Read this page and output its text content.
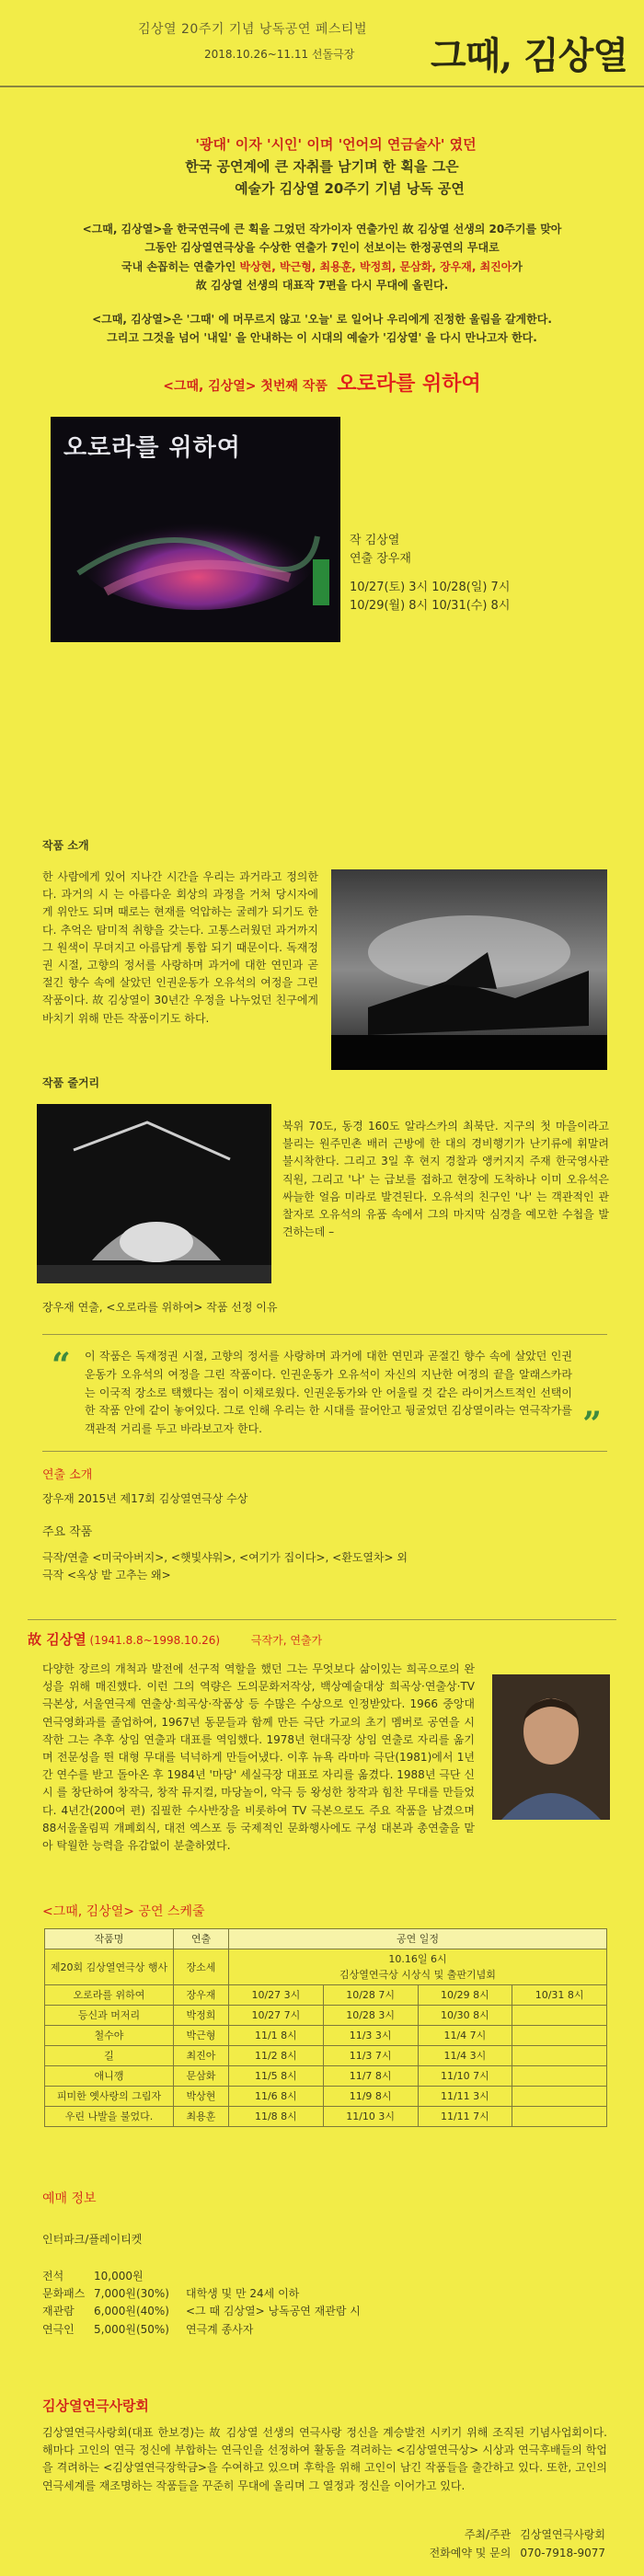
김상열 20주기 기념 낭독공연 페스티벌
2018.10.26~11.11 선돌극장 그때, 김상열
'광대' 이자 '시인' 이며 '언어의 연금술사' 였던
한국 공연계에 큰 자취를 남기며 한 획을 그은
예술가 김상열 20주기 기념 낭독 공연
<그때, 김상열>을 한국연극에 큰 획을 그었던 작가이자 연출가인 故 김상열 선생의 20주기를 맞아
그동안 김상열연극상을 수상한 연출가 7인이 선보이는 한정공연의 무대로
국내 손꼽히는 연출가인 박상현, 박근형, 최용훈, 박정희, 문삼화, 장우재, 최진아가
故 김상열 선생의 대표작 7편을 다시 무대에 올린다.
<그때, 김상열>은 '그때' 에 머무르지 않고 '오늘' 로 일어나 우리에게 진정한 울림을 갈게한다.
그리고 그것을 넘어 '내일' 을 안내하는 이 시대의 예술가 '김상열' 을 다시 만나고자 한다.
<그때, 김상열> 첫번째 작품 오로라를 위하여
오로라를 위하여
작 김상열
연출 장우재
10/27(토) 3시 10/28(일) 7시
10/29(월) 8시 10/31(수) 8시
작품 소개
한 사람에게 있어 지나간 시간을 우리는 과거라고 정의한다. 과거의 시 는 아름다운 회상의 과정을 거쳐 당시자에게 위안도 되며 때로는 현재를 억압하는 굴레가 되기도 한다. 추억은 탐미적 취향을 갖는다. 고통스러웠던 과거까지 그 원색이 무뎌지고 아름답게 통합 되기 때문이다. 독재정권 시절, 고향의 정서를 사랑하며 과거에 대한 연민과 곧절긴 향수 속에 살았던 인권운동가 오유석의 여정을 그린 작품이다. 故 김상열이 30년간 우정을 나누었던 친구에게 바치기 위해 만든 작품이기도 하다.
작품 줄거리
북위 70도, 동경 160도 알라스카의 최북단. 지구의 첫 마을이라고 불리는 원주민촌 배러 근방에 한 대의 경비행기가 난기류에 휘말려 불시착한다. 그리고 3일 후 현지 경찰과 앵커지지 주재 한국영사관 직원, 그리고 '나' 는 급보를 접하고 현장에 도착하나 이미 오유석은 싸늘한 얼음 미라로 발견된다. 오유석의 친구인 '나' 는 객관적인 관찰자로 오유석의 유품 속에서 그의 마지막 심경을 예모한 수첩을 발견하는데 –
장우재 연출, <오로라를 위하여> 작품 선정 이유
“ 이 작품은 독재정권 시절, 고향의 정서를 사랑하며 과거에 대한 연민과 곧절긴 향수 속에 살았던 인권운동가 오유석의 여정을 그린 작품이다. 인권운동가 오유석이 자신의 지난한 여정의 끝을 알래스카라는 이국적 장소로 택했다는 점이 이채로웠다. 인권운동가와 안 어울릴 것 같은 라이거스트적인 선택이 한 작품 안에 같이 놓여있다. 그로 인해 우리는 한 시대를 끌어안고 뒹굴었던 김상열이라는 연극작가를 객관적 거리를 두고 바라보고자 한다.	”
연출 소개
장우재 2015년 제17회 김상열연극상 수상
주요 작품
극작/연출 <미국아버지>, <햇빛샤워>, <여기가 집이다>, <환도열차> 외
극작 <옥상 밭 고추는 왜>
故 김상열 (1941.8.8~1998.10.26)	극작가, 연출가
다양한 장르의 개척과 발전에 선구적 역할을 했던 그는 무엇보다 삶이있는 희곡으로의 완성을 위해 매진했다. 이런 그의 역량은 도의문화저작상, 백상예술대상 희곡상·연출상·TV 극본상, 서울연극제 연출상·희곡상·작품상 등 수많은 수상으로 인정받았다. 1966 중앙대 연극영화과를 졸업하여, 1967년 동문들과 함께 만든 극단 가교의 초기 멤버로 공연을 시작한 그는 추후 상임 연출과 대표를 역임했다. 1978년 현대극장 상임 연출로 자리를 옮기며 전문성을 띈 대형 무대를 넉넉하게 만들어냈다. 이후 뉴욕 라마마 극단(1981)에서 1년간 연수를 받고 돌아온 후 1984년 '마당' 세실극장 대표로 자리를 옮겼다. 1988년 극단 신시 를 창단하여 창작극, 창작 뮤지컬, 마당놀이, 악극 등 왕성한 창작과 힘찬 무대를 만들었다. 4년간(200여 편) 집필한 수사반장을 비롯하여 TV 극본으로도 주요 작품을 남겼으며 88서울올림픽 개폐회식, 대전 엑스포 등 국제적인 문화행사에도 구성 대본과 총연출을 맡아 탁월한 능력을 유감없이 분출하였다.
<그때, 김상열> 공연 스케줄
작품명	연출	공연 일정			
제20회 김상열연극상 행사	장소세	10.16일 6시
김상열연극상 시상식 및 출판기념회			

오로라를 위하여	장우재	10/27 3시	10/28 7시	10/29 8시	10/31 8시
등신과 머저리	박정희	10/27 7시	10/28 3시	10/30 8시	
철수야	박근형	11/1 8시	11/3 3시	11/4 7시	
길	최진아	11/2 8시	11/3 7시	11/4 3시	
애니깽	문삼화	11/5 8시	11/7 8시	11/10 7시	
피미한 옛사랑의 그림자	박상현	11/6 8시	11/9 8시	11/11 3시	
우린 나발을 불었다.	최용훈	11/8 8시	11/10 3시	11/11 7시	
예매 정보
인터파크/플레이티켓
전석	10,000원
문화패스 7,000원(30%)	대학생 및 만 24세 이하
재관람	6,000원(40%)	<그 때 김상열> 낭독공연 재관람 시
연극인	5,000원(50%)	연극계 종사자
김상열연극사랑회
김상열연극사랑회(대표 한보경)는 故 김상열 선생의 연극사랑 정신을 계승발전 시키기 위해 조직된 기념사업회이다. 해마다 고인의 연극 정신에 부합하는 연극인을 선정하여 활동을 격려하는 <김상열연극상> 시상과 연극후배들의 학업을 격려하는 <김상열연극장학금>을 수여하고 있으며 후학을 위해 고인이 남긴 작품들을 출간하고 있다. 또한, 고인의 연극세계를 재조명하는 작품들을 꾸준히 무대에 올리며 그 열정과 정신을 이어가고 있다.
주최/주관 김상열연극사랑회
전화예약 및 문의 070-7918-9077
